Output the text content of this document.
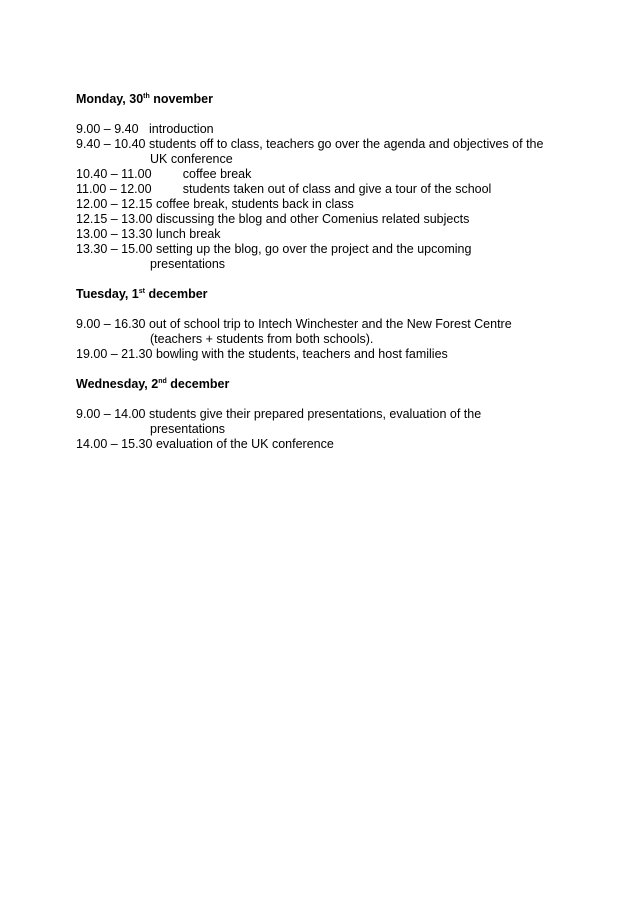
Monday, 30th november
9.00 – 9.40   introduction
9.40 – 10.40 students off to class, teachers go over the agenda and objectives of the
UK conference
10.40 – 11.00         coffee break
11.00 – 12.00         students taken out of class and give a tour of the school
12.00 – 12.15 coffee break, students back in class
12.15 – 13.00 discussing the blog and other Comenius related subjects
13.00 – 13.30 lunch break
13.30 – 15.00 setting up the blog, go over the project and the upcoming
presentations
Tuesday, 1st december
9.00 – 16.30 out of school trip to Intech Winchester and the New Forest Centre
(teachers + students from both schools).
19.00 – 21.30 bowling with the students, teachers and host families
Wednesday, 2nd december
9.00 – 14.00 students give their prepared presentations, evaluation of the
presentations
14.00 – 15.30 evaluation of the UK conference
